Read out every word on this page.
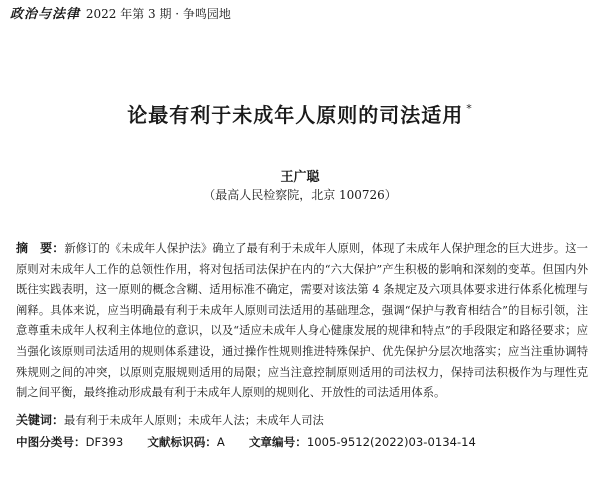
政治与法律 2022 年第 3 期 · 争鸣园地
论最有利于未成年人原则的司法适用 *
王广聪
（最高人民检察院，北京 100726）

摘　要：新修订的《未成年人保护法》确立了最有利于未成年人原则，体现了未成年人保护理念的巨大进步。这一原则对未成年人工作的总领性作用，将对包括司法保护在内的“六大保护”产生积极的影响和深刻的变革。但国内外既往实践表明，这一原则的概念含糊、适用标准不确定，需要对该法第 4 条规定及六项具体要求进行体系化梳理与阐释。具体来说，应当明确最有利于未成年人原则司法适用的基础理念，强调“保护与教育相结合”的目标引领，注意尊重未成年人权利主体地位的意识，以及“适应未成年人身心健康发展的规律和特点”的手段限定和路径要求；应当强化该原则司法适用的规则体系建设，通过操作性规则推进特殊保护、优先保护分层次地落实；应当注重协调特殊规则之间的冲突，以原则克服规则适用的局限；应当注意控制原则适用的司法权力，保持司法积极作为与理性克制之间平衡，最终推动形成最有利于未成年人原则的规则化、开放性的司法适用体系。

关键词：最有利于未成年人原则；未成年人法；未成年人司法
中图分类号：DF393 文献标识码：A 文章编号：1005-9512(2022)03-0134-14
